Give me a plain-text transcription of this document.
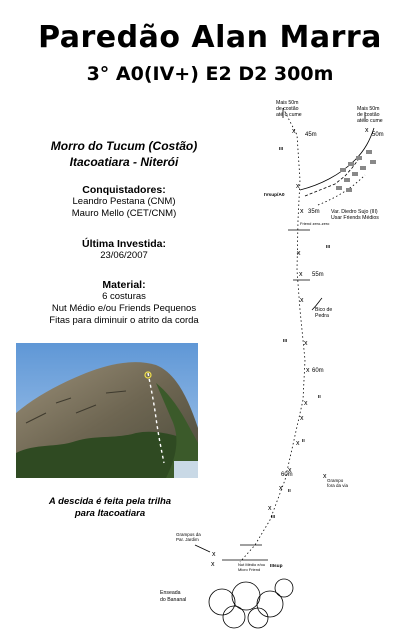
Paredão Alan Marra
3° A0(IV+) E2 D2 300m
Morro do Tucum (Costão)
Itacoatiara - Niterói
Conquistadores:
Leandro Pestana (CNM)
Mauro Mello (CET/CNM)
Última Investida:
23/06/2007
Material:
6 costuras
Nut Médio e/ou Friends Pequenos
Fitas para diminuir o atrito da corda
A descida é feita pela trilha
para Itacoatiara
x
x
x
x
x
x
x
x
x
x
x
x
x
x
x
x
x
x
Mais 50m
de costão
até o cume
Mais 50m
de costão
até o cume
Friend zero-zero
Var. Diedro Sujo (III)
Usar Friends Médios
Bico de
Pedra
Grampo
fora da via
Grampos da
Par. Jardim
Nut Médio e/ou
Micro Friend
Enseada
do Bananal
45m	50m
35m
55m
60m
60m
III
IVsup/A0
III
III
II
II
II
III
IIIsup
